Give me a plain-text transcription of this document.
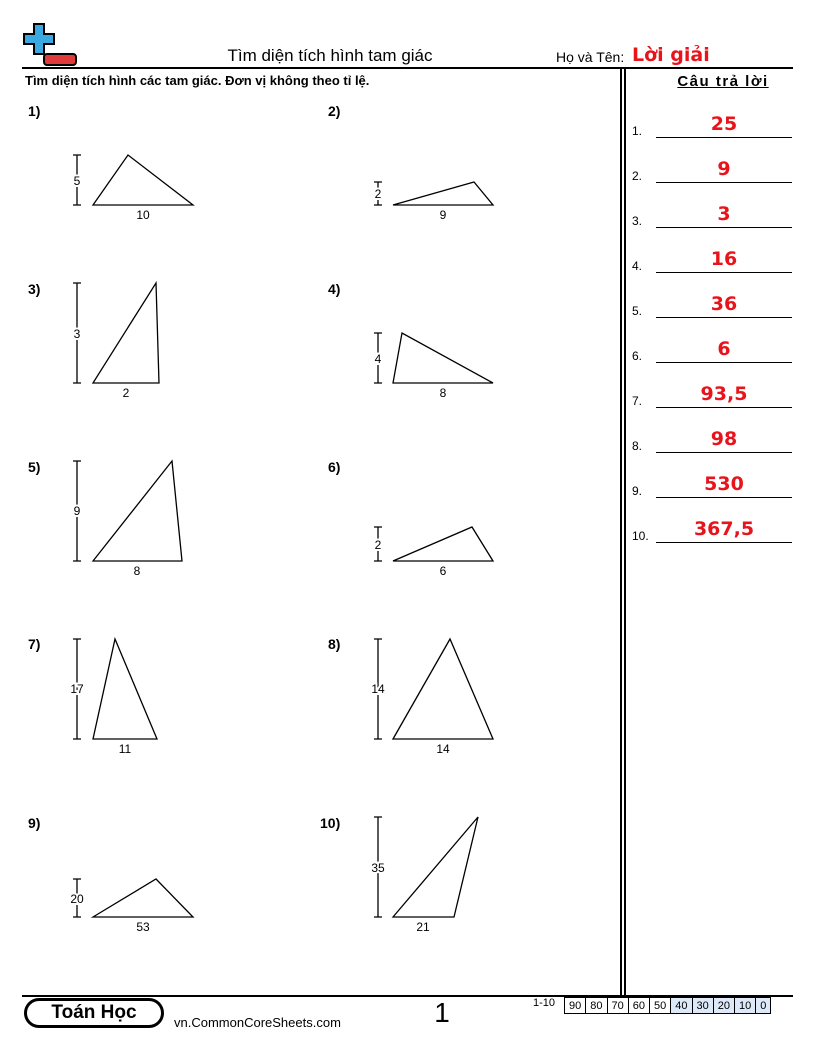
Tìm diện tích hình tam giác	Họ và Tên: Lời giải
Tìm diện tích hình các tam giác. Đơn vị không theo tỉ lệ.
1)	2)
3)	4)
5)	6)
7)	8)
9)	10)
5
10
2
9
3
2
4
8
9
8
2
6
17
11
14
14
20
53
35
21
Câu trả lời
1.	25
2.	9
3.	3
4.	16
5.	36
6.	6
7.	93,5
8.	98
9.	530
10.	367,5
Toán Học	vn.CommonCoreSheets.com	1	1-10 90	80	70	60	50	40	30	20	10	0
